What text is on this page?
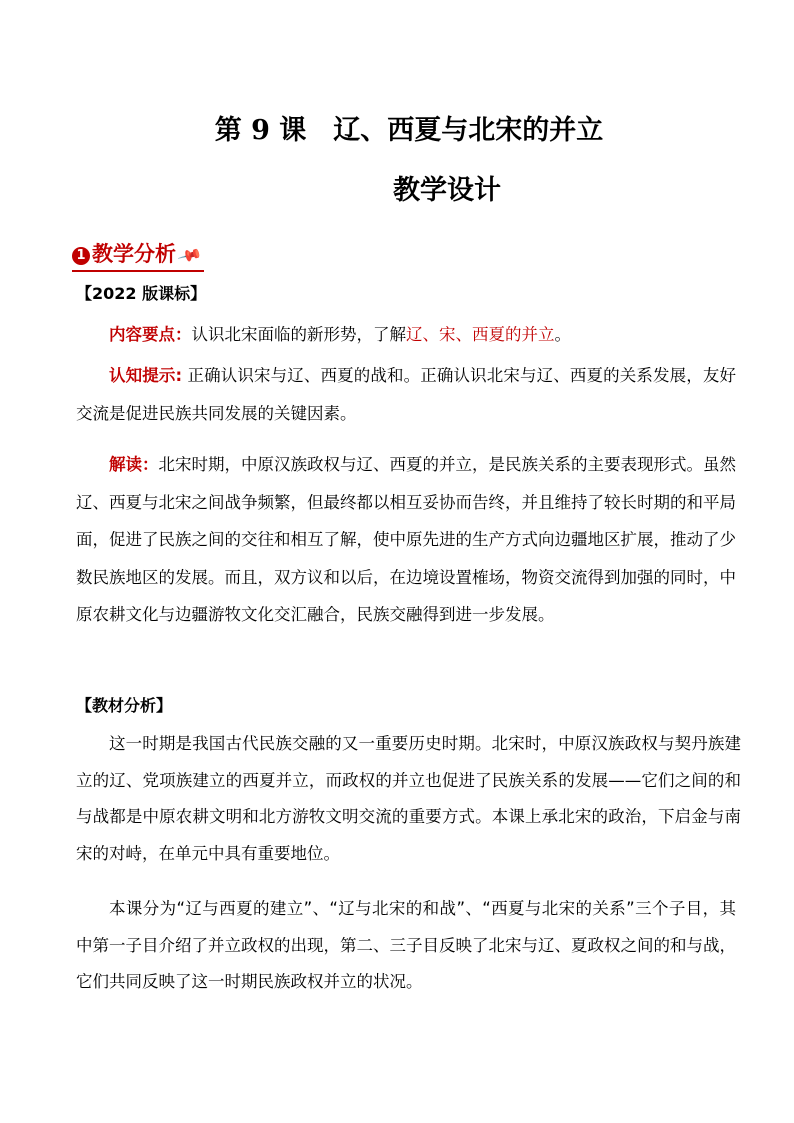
第 9 课　辽、西夏与北宋的并立
教学设计
1 教学分析📌
【2022 版课标】

内容要点：认识北宋面临的新形势，了解辽、宋、西夏的并立。

认知提示: 正确认识宋与辽、西夏的战和。正确认识北宋与辽、西夏的关系发展，友好交流是促进民族共同发展的关键因素。

解读：北宋时期，中原汉族政权与辽、西夏的并立，是民族关系的主要表现形式。虽然辽、西夏与北宋之间战争频繁，但最终都以相互妥协而告终，并且维持了较长时期的和平局面，促进了民族之间的交往和相互了解，使中原先进的生产方式向边疆地区扩展，推动了少数民族地区的发展。而且，双方议和以后，在边境设置榷场，物资交流得到加强的同时，中原农耕文化与边疆游牧文化交汇融合，民族交融得到进一步发展。

【教材分析】

这一时期是我国古代民族交融的又一重要历史时期。北宋时，中原汉族政权与契丹族建立的辽、党项族建立的西夏并立，而政权的并立也促进了民族关系的发展——它们之间的和与战都是中原农耕文明和北方游牧文明交流的重要方式。本课上承北宋的政治，下启金与南宋的对峙，在单元中具有重要地位。

本课分为“辽与西夏的建立”、“辽与北宋的和战”、“西夏与北宋的关系”三个子目，其中第一子目介绍了并立政权的出现，第二、三子目反映了北宋与辽、夏政权之间的和与战，它们共同反映了这一时期民族政权并立的状况。
